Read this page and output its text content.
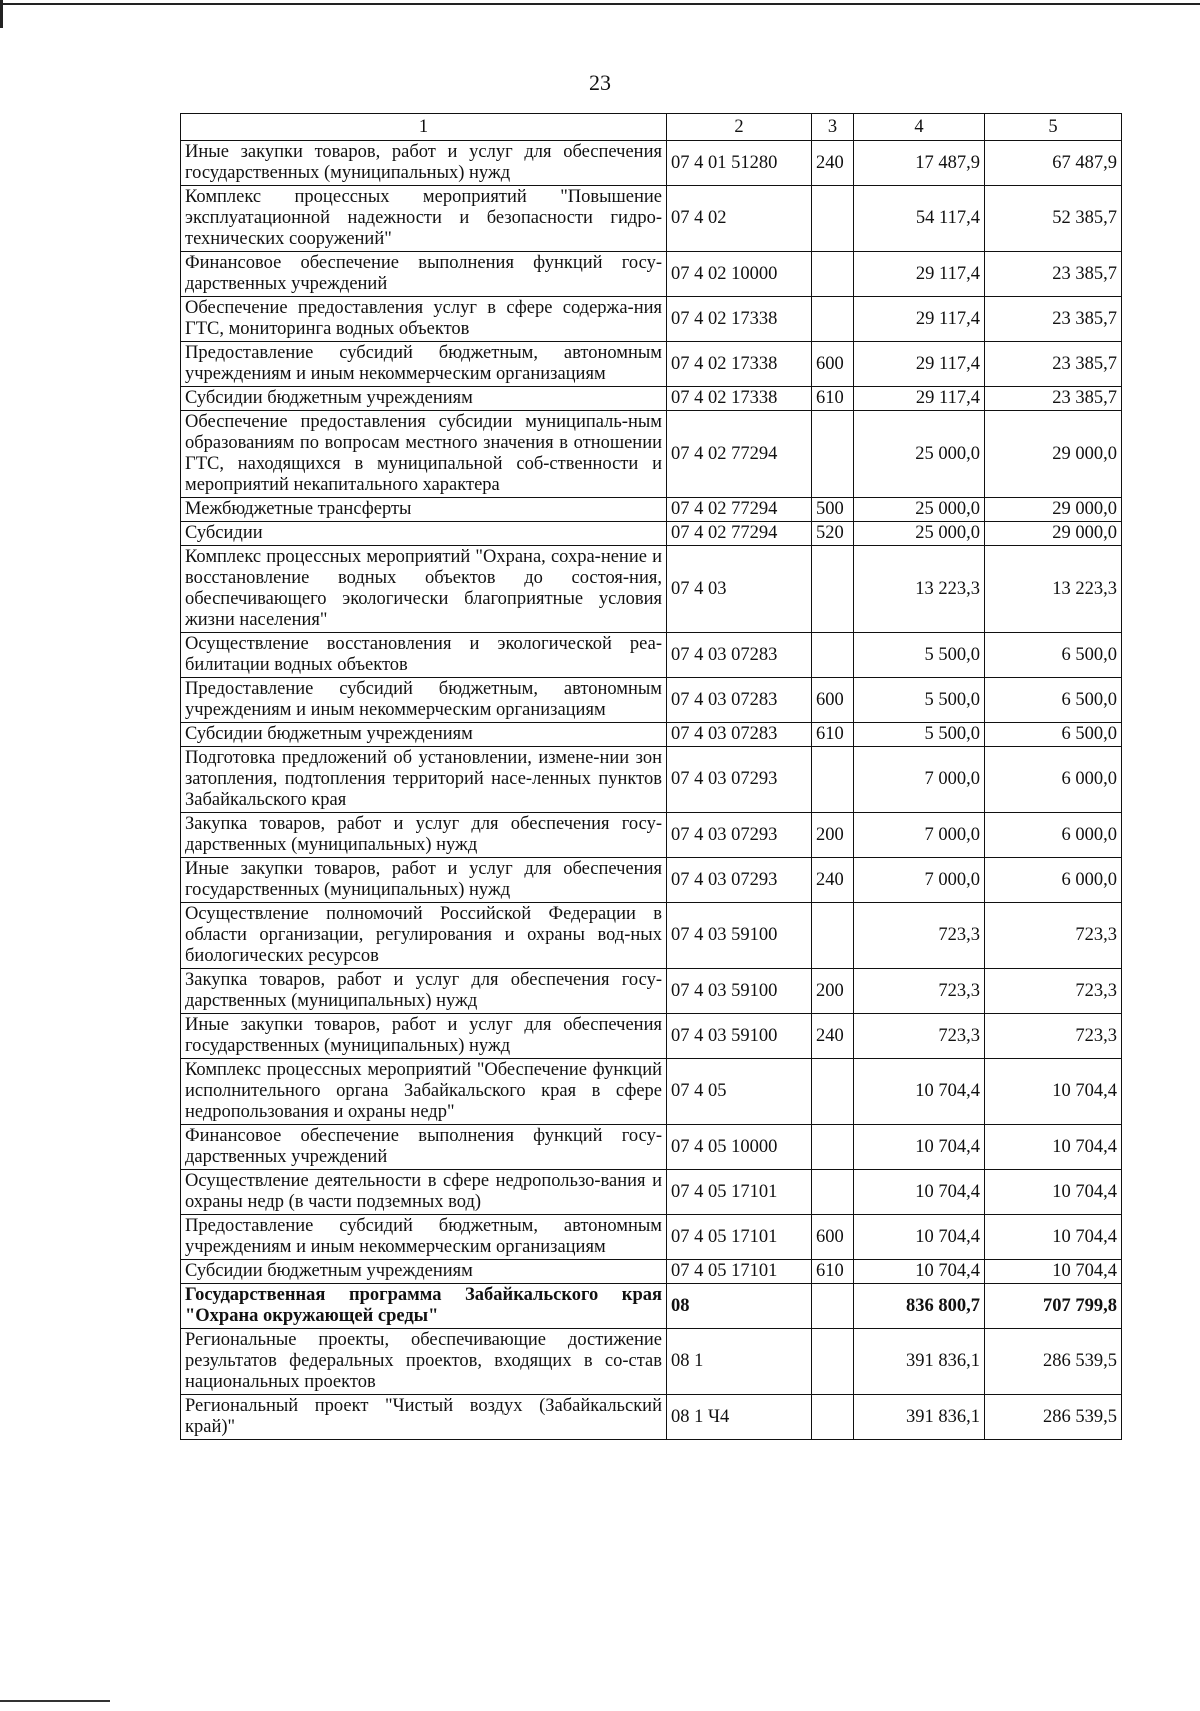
23
1	2	3	4	5
Иные закупки товаров, работ и услуг для обеспечения государственных (муниципальных) нужд	07 4 01 51280	240	17 487,9	67 487,9
Комплекс процессных мероприятий "Повышение эксплуатационной надежности и безопасности гидро-технических сооружений"	07 4 02		54 117,4	52 385,7
Финансовое обеспечение выполнения функций госу-дарственных учреждений	07 4 02 10000		29 117,4	23 385,7
Обеспечение предоставления услуг в сфере содержа-ния ГТС, мониторинга водных объектов	07 4 02 17338		29 117,4	23 385,7
Предоставление субсидий бюджетным, автономным учреждениям и иным некоммерческим организациям	07 4 02 17338	600	29 117,4	23 385,7
Субсидии бюджетным учреждениям	07 4 02 17338	610	29 117,4	23 385,7
Обеспечение предоставления субсидии муниципаль-ным образованиям по вопросам местного значения в отношении ГТС, находящихся в муниципальной соб-ственности и мероприятий некапитального характера	07 4 02 77294		25 000,0	29 000,0
Межбюджетные трансферты	07 4 02 77294	500	25 000,0	29 000,0
Субсидии	07 4 02 77294	520	25 000,0	29 000,0
Комплекс процессных мероприятий "Охрана, сохра-нение и восстановление водных объектов до состоя-ния, обеспечивающего экологически благоприятные условия жизни населения"	07 4 03		13 223,3	13 223,3
Осуществление восстановления и экологической реа-билитации водных объектов	07 4 03 07283		5 500,0	6 500,0
Предоставление субсидий бюджетным, автономным учреждениям и иным некоммерческим организациям	07 4 03 07283	600	5 500,0	6 500,0
Субсидии бюджетным учреждениям	07 4 03 07283	610	5 500,0	6 500,0
Подготовка предложений об установлении, измене-нии зон затопления, подтопления территорий насе-ленных пунктов Забайкальского края	07 4 03 07293		7 000,0	6 000,0
Закупка товаров, работ и услуг для обеспечения госу-дарственных (муниципальных) нужд	07 4 03 07293	200	7 000,0	6 000,0
Иные закупки товаров, работ и услуг для обеспечения государственных (муниципальных) нужд	07 4 03 07293	240	7 000,0	6 000,0
Осуществление полномочий Российской Федерации в области организации, регулирования и охраны вод-ных биологических ресурсов	07 4 03 59100		723,3	723,3
Закупка товаров, работ и услуг для обеспечения госу-дарственных (муниципальных) нужд	07 4 03 59100	200	723,3	723,3
Иные закупки товаров, работ и услуг для обеспечения государственных (муниципальных) нужд	07 4 03 59100	240	723,3	723,3
Комплекс процессных мероприятий "Обеспечение функций исполнительного органа Забайкальского края в сфере недропользования и охраны недр"	07 4 05		10 704,4	10 704,4
Финансовое обеспечение выполнения функций госу-дарственных учреждений	07 4 05 10000		10 704,4	10 704,4
Осуществление деятельности в сфере недропользо-вания и охраны недр (в части подземных вод)	07 4 05 17101		10 704,4	10 704,4
Предоставление субсидий бюджетным, автономным учреждениям и иным некоммерческим организациям	07 4 05 17101	600	10 704,4	10 704,4
Субсидии бюджетным учреждениям	07 4 05 17101	610	10 704,4	10 704,4
Государственная программа Забайкальского края "Охрана окружающей среды"	08		836 800,7	707 799,8
Региональные проекты, обеспечивающие достижение результатов федеральных проектов, входящих в со-став национальных проектов	08 1		391 836,1	286 539,5
Региональный проект "Чистый воздух (Забайкальский край)"	08 1 Ч4		391 836,1	286 539,5
